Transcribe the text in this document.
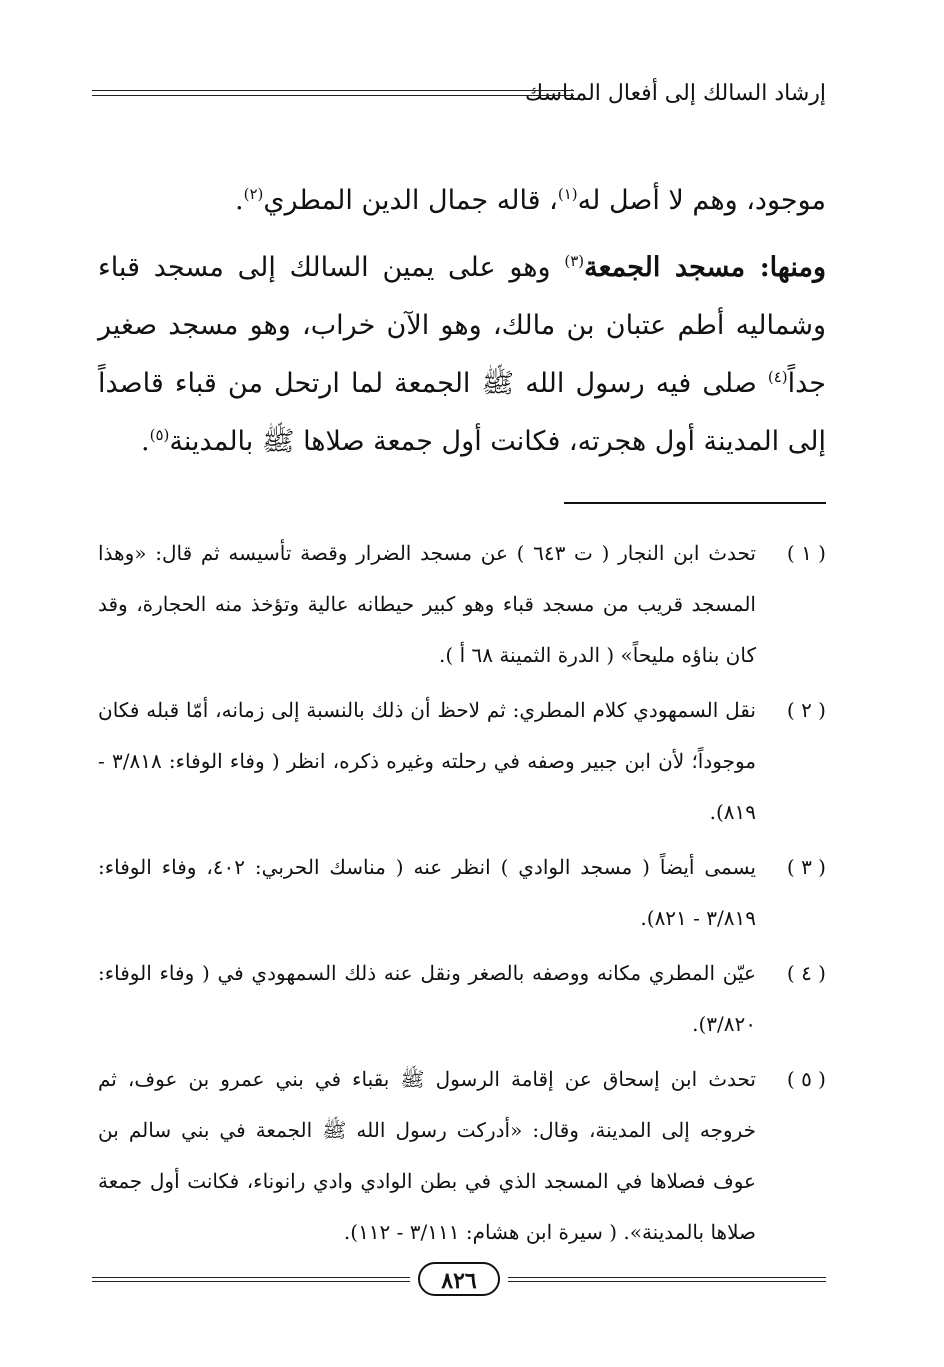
إرشاد السالك إلى أفعال المناسك

موجود، وهم لا أصل له$^{(١)}$، قاله جمال الدين المطري$^{(٢)}$.

ومنها: مسجد الجمعة$^{(٣)}$ وهو على يمين السالك إلى مسجد قباء وشماليه أطم عتبان بن مالك، وهو الآن خراب، وهو مسجد صغير جداً$^{(٤)}$ صلى فيه رسول الله ﷺ الجمعة لما ارتحل من قباء قاصداً إلى المدينة أول هجرته، فكانت أول جمعة صلاها ﷺ بالمدينة$^{(٥)}$.

( ١ )
تحدث ابن النجار ( ت ٦٤٣ ) عن مسجد الضرار وقصة تأسيسه ثم قال: «وهذا المسجد قريب من مسجد قباء وهو كبير حيطانه عالية وتؤخذ منه الحجارة، وقد كان بناؤه مليحاً» ( الدرة الثمينة ٦٨ أ ).
( ٢ )
نقل السمهودي كلام المطري: ثم لاحظ أن ذلك بالنسبة إلى زمانه، أمّا قبله فكان موجوداً؛ لأن ابن جبير وصفه في رحلته وغيره ذكره، انظر ( وفاء الوفاء: ٣/٨١٨ - ٨١٩).
( ٣ )
يسمى أيضاً ( مسجد الوادي ) انظر عنه ( مناسك الحربي: ٤٠٢، وفاء الوفاء: ٣/٨١٩ - ٨٢١).
( ٤ )
عيّن المطري مكانه ووصفه بالصغر ونقل عنه ذلك السمهودي في ( وفاء الوفاء: ٣/٨٢٠).
( ٥ )
تحدث ابن إسحاق عن إقامة الرسول ﷺ بقباء في بني عمرو بن عوف، ثم خروجه إلى المدينة، وقال: «أدركت رسول الله ﷺ الجمعة في بني سالم بن عوف فصلاها في المسجد الذي في بطن الوادي وادي رانوناء، فكانت أول جمعة صلاها بالمدينة». ( سيرة ابن هشام: ٣/١١١ - ١١٢).
٨٢٦
